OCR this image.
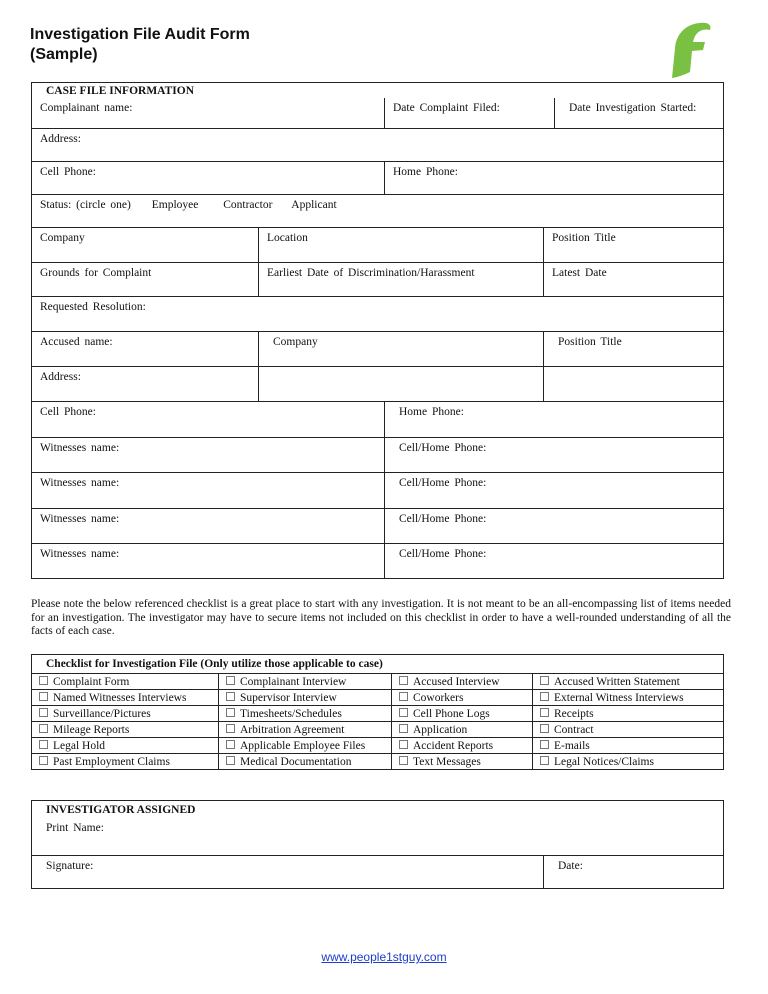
Investigation File Audit Form
(Sample)
CASE FILE INFORMATION				

Complainant name:		Date Complaint Filed:		Date Investigation Started:

Address:				

Cell Phone:		Home Phone:		

Status: (circle one) Employee Contractor Applicant				

Company	Location		Position Title	

Grounds for Complaint	Earliest Date of Discrimination/Harassment		Latest Date	

Requested Resolution:				

Accused name:	Company		Position Title	

Address:				

Cell Phone:		Home Phone:		

Witnesses name:		Cell/Home Phone:		

Witnesses name:		Cell/Home Phone:		

Witnesses name:		Cell/Home Phone:		

Witnesses name:		Cell/Home Phone:		
Please note the below referenced checklist is a great place to start with any investigation. It is not meant to be an all-encompassing list of items needed for an investigation. The investigator may have to secure items not included on this checklist in order to have a well-rounded understanding of all the facts of each case.
Checklist for Investigation File (Only utilize those applicable to case)			
Complaint Form	Complainant Interview	Accused Interview	Accused Written Statement
Named Witnesses Interviews	Supervisor Interview	Coworkers	External Witness Interviews
Surveillance/Pictures	Timesheets/Schedules	Cell Phone Logs	Receipts
Mileage Reports	Arbitration Agreement	Application	Contract
Legal Hold	Applicable Employee Files	Accident Reports	E-mails
Past Employment Claims	Medical Documentation	Text Messages	Legal Notices/Claims
INVESTIGATOR ASSIGNED

Print Name:

Signature:	Date:
www.people1stguy.com
